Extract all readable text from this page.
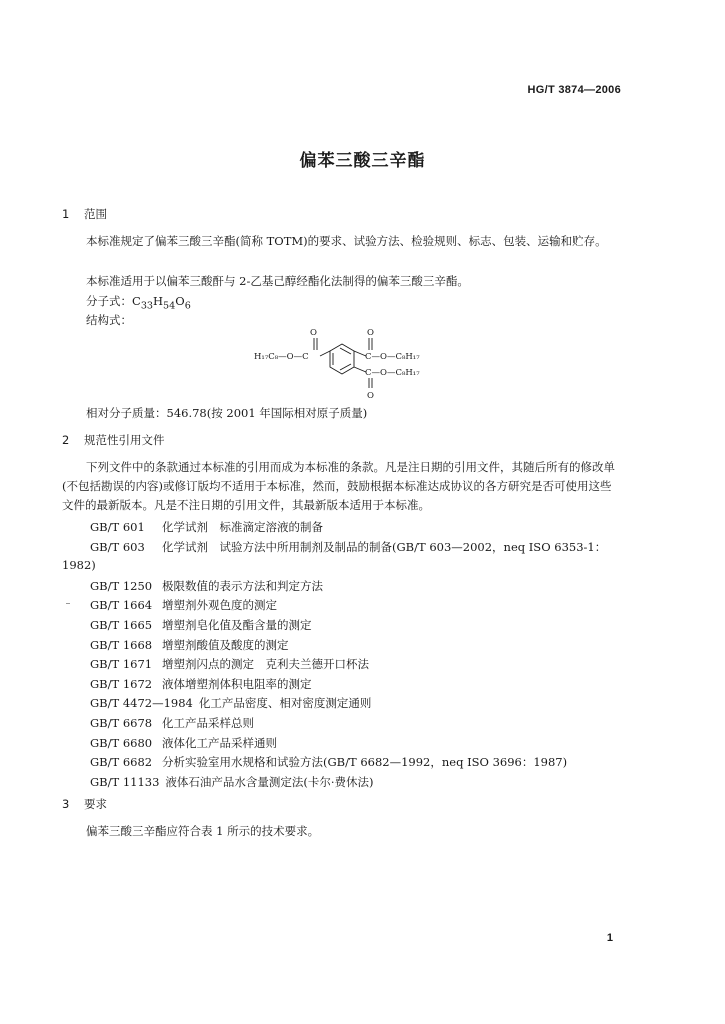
HG/T 3874—2006
偏苯三酸三辛酯
1 范围
本标准规定了偏苯三酸三辛酯(简称 TOTM)的要求、试验方法、检验规则、标志、包装、运输和贮存。
本标准适用于以偏苯三酸酐与 2-乙基己醇经酯化法制得的偏苯三酸三辛酯。
分子式：$C_{33}H_{54}O_6$
结构式：
O	O
O
H₁₇C₈—O—C	C—O—C₈H₁₇
C—O—C₈H₁₇
相对分子质量：546.78(按 2001 年国际相对原子质量)
2 规范性引用文件
下列文件中的条款通过本标准的引用而成为本标准的条款。凡是注日期的引用文件，其随后所有的修改单(不包括勘误的内容)或修订版均不适用于本标准，然而，鼓励根据本标准达成协议的各方研究是否可使用这些文件的最新版本。凡是不注日期的引用文件，其最新版本适用于本标准。
GB/T 601 化学试剂　标准滴定溶液的制备
GB/T 603 化学试剂　试验方法中所用制剂及制品的制备(GB/T 603—2002，neq ISO 6353-1：
1982)
GB/T 1250 极限数值的表示方法和判定方法
GB/T 1664 增塑剂外观色度的测定
GB/T 1665 增塑剂皂化值及酯含量的测定
GB/T 1668 增塑剂酸值及酸度的测定
GB/T 1671 增塑剂闪点的测定　克利夫兰德开口杯法
GB/T 1672 液体增塑剂体积电阻率的测定
GB/T 4472—1984 化工产品密度、相对密度测定通则
GB/T 6678 化工产品采样总则
GB/T 6680 液体化工产品采样通则
GB/T 6682 分析实验室用水规格和试验方法(GB/T 6682—1992，neq ISO 3696：1987)
GB/T 11133 液体石油产品水含量测定法(卡尔·费休法)
3 要求
偏苯三酸三辛酯应符合表 1 所示的技术要求。
1
